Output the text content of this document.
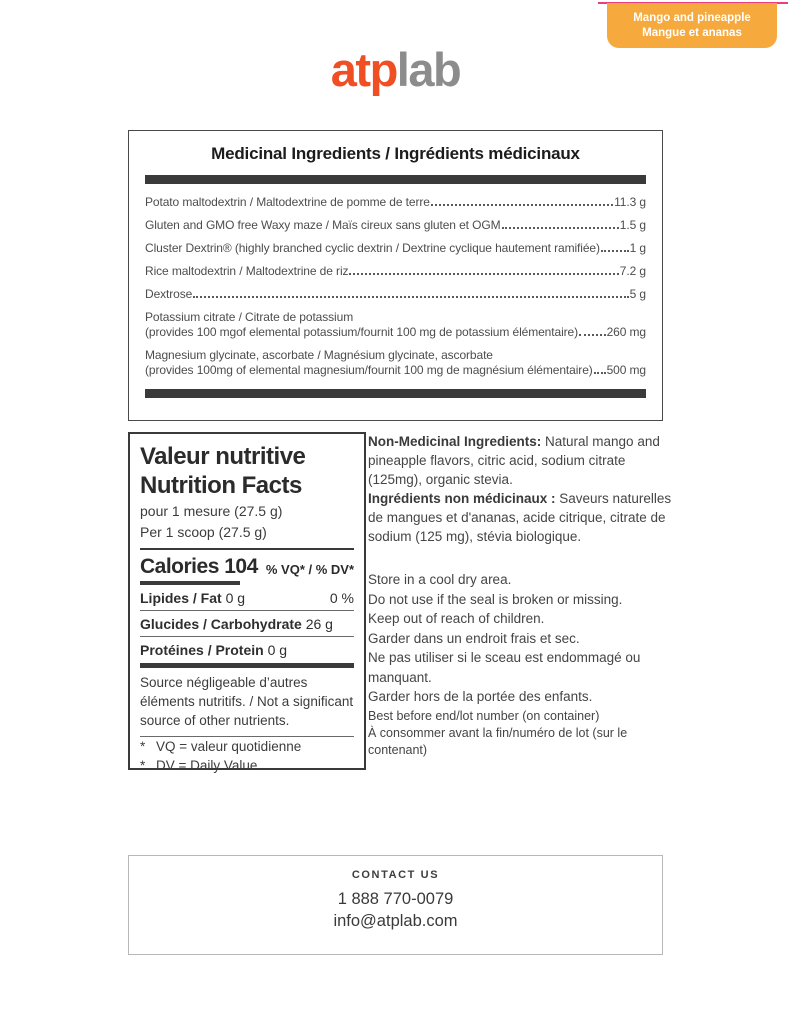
Mango and pineapple
Mangue et ananas
atplab
Medicinal Ingredients / Ingrédients médicinaux
Potato maltodextrin / Maltodextrine de pomme de terre	11.3 g
Gluten and GMO free Waxy maze / Maïs cireux sans gluten et OGM	1.5 g
Cluster Dextrin® (highly branched cyclic dextrin / Dextrine cyclique hautement ramifiée) 1 g
Rice maltodextrin / Maltodextrine de riz	7.2 g
Dextrose	5 g
Potassium citrate / Citrate de potassium
(provides 100 mgof elemental potassium/fournit 100 mg de potassium élémentaire) 260 mg
Magnesium glycinate, ascorbate / Magnésium glycinate, ascorbate
(provides 100mg of elemental magnesium/fournit 100 mg de magnésium élémentaire) 500 mg
Valeur nutritive
Nutrition Facts
pour 1 mesure (27.5 g)
Per 1 scoop (27.5 g)
Calories 104 % VQ* / % DV*
Lipides / Fat 0 g	0 %
Glucides / Carbohydrate 26 g
Protéines / Protein 0 g
Source négligeable d’autres éléments nutritifs. / Not a significant source of other nutrients.
* VQ = valeur quotidienne
* DV = Daily Value

Non-Medicinal Ingredients: Natural mango and pineapple flavors, citric acid, sodium citrate (125mg), organic stevia.

Ingrédients non médicinaux : Saveurs naturelles de mangues et d'ananas, acide citrique, citrate de sodium (125 mg), stévia biologique.

Store in a cool dry area.
Do not use if the seal is broken or missing.
Keep out of reach of children.
Garder dans un endroit frais et sec.
Ne pas utiliser si le sceau est endommagé ou manquant.
Garder hors de la portée des enfants.
Best before end/lot number (on container)
À consommer avant la fin/numéro de lot (sur le contenant)
CONTACT US
1 888 770-0079
info@atplab.com
